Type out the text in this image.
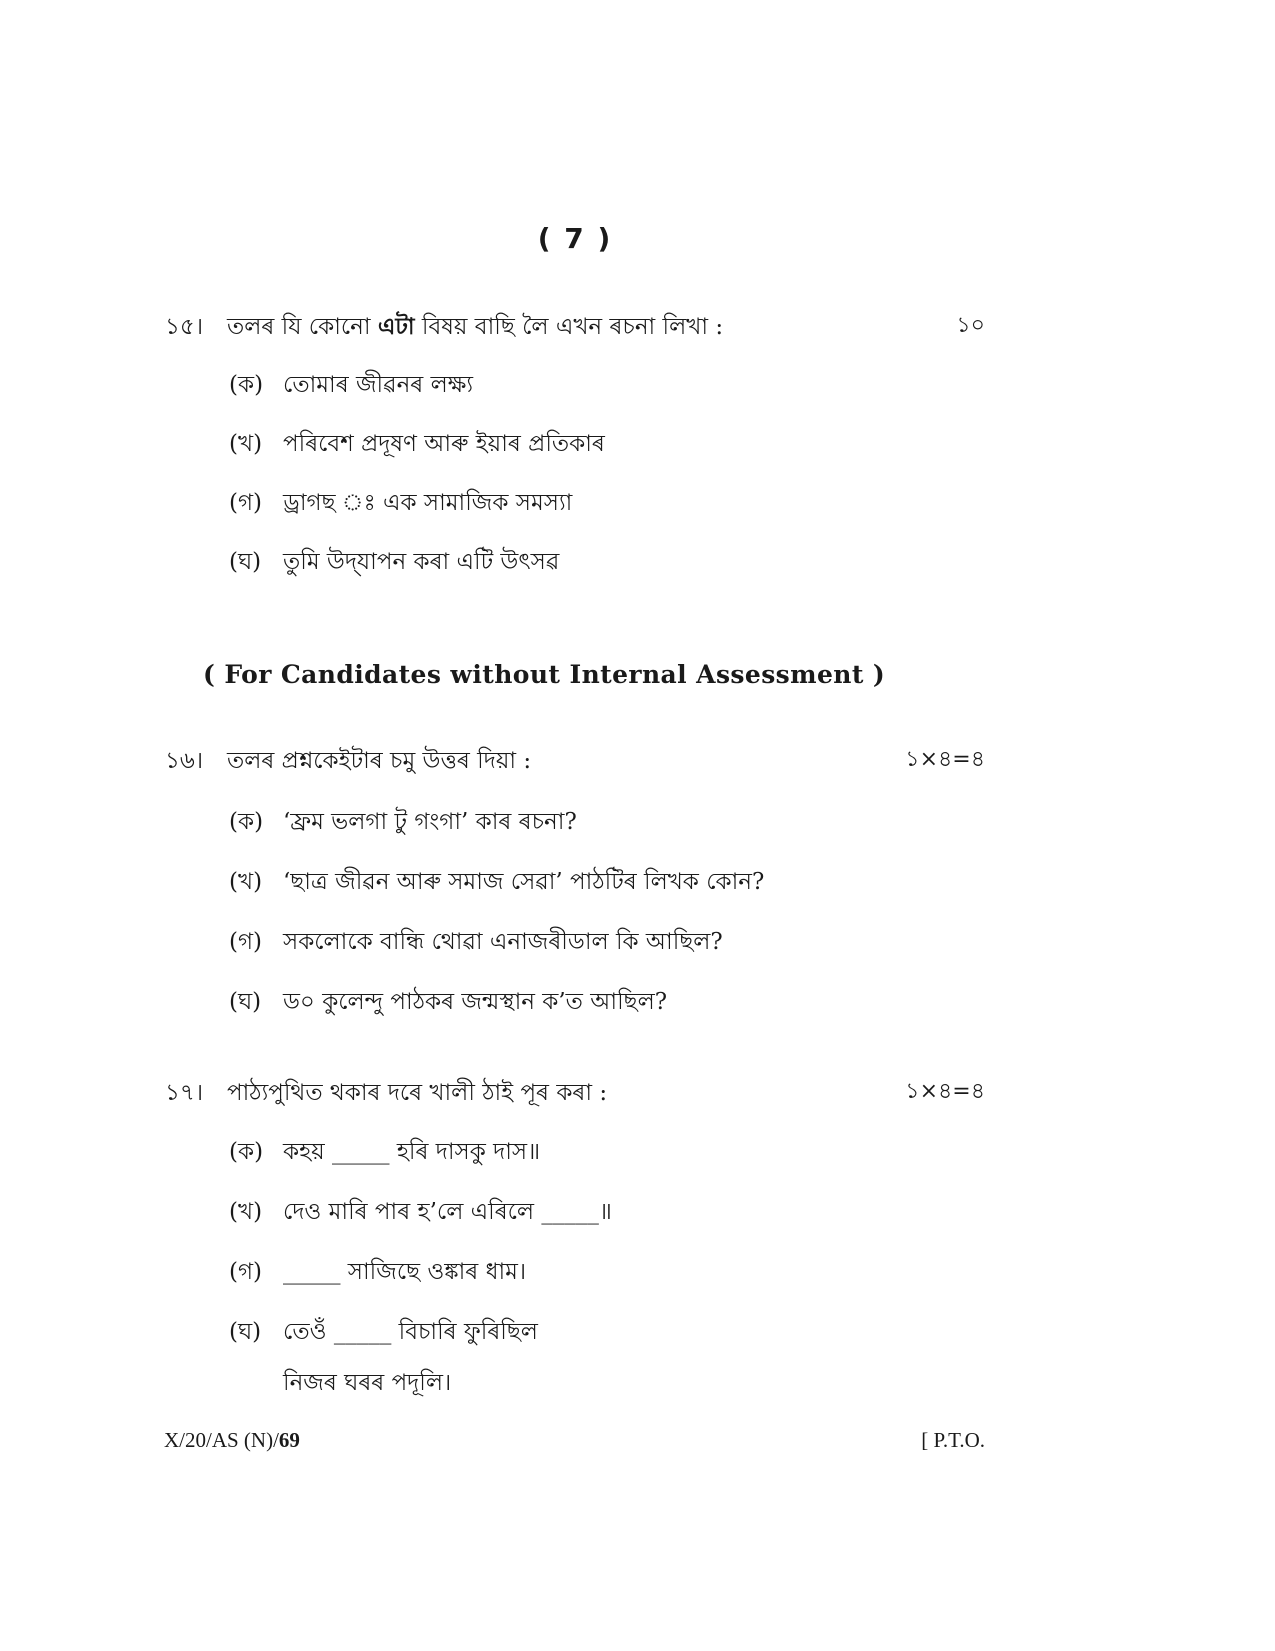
( 7 )
১৫। তলৰ যি কোনো এটা বিষয় বাছি লৈ এখন ৰচনা লিখা :	১০
(ক) তোমাৰ জীৱনৰ লক্ষ্য
(খ) পৰিবেশ প্ৰদূষণ আৰু ইয়াৰ প্ৰতিকাৰ
(গ) ড্ৰাগছ ঃ এক সামাজিক সমস্যা
(ঘ) তুমি উদ্‌যাপন কৰা এটি উৎসৱ
( For Candidates without Internal Assessment )
১৬। তলৰ প্ৰশ্নকেইটাৰ চমু উত্তৰ দিয়া :	১×৪=৪
(ক) ‘ফ্ৰম ভলগা টু গংগা’ কাৰ ৰচনা?
(খ) ‘ছাত্ৰ জীৱন আৰু সমাজ সেৱা’ পাঠটিৰ লিখক কোন?
(গ) সকলোকে বান্ধি থোৱা এনাজৰীডাল কি আছিল?
(ঘ) ড০ কুলেন্দু পাঠকৰ জন্মস্থান ক’ত আছিল?
১৭। পাঠ্যপুথিত থকাৰ দৰে খালী ঠাই পূৰ কৰা :	১×৪=৪
(ক) কহয় _____ হৰি দাসকু দাস॥
(খ) দেও মাৰি পাৰ হ’লে এৰিলে _____॥
(গ) _____ সাজিছে ওঙ্কাৰ ধাম।
(ঘ) তেওঁ _____ বিচাৰি ফুৰিছিল
নিজৰ ঘৰৰ পদূলি।
X/20/AS (N)/69	[ P.T.O.
